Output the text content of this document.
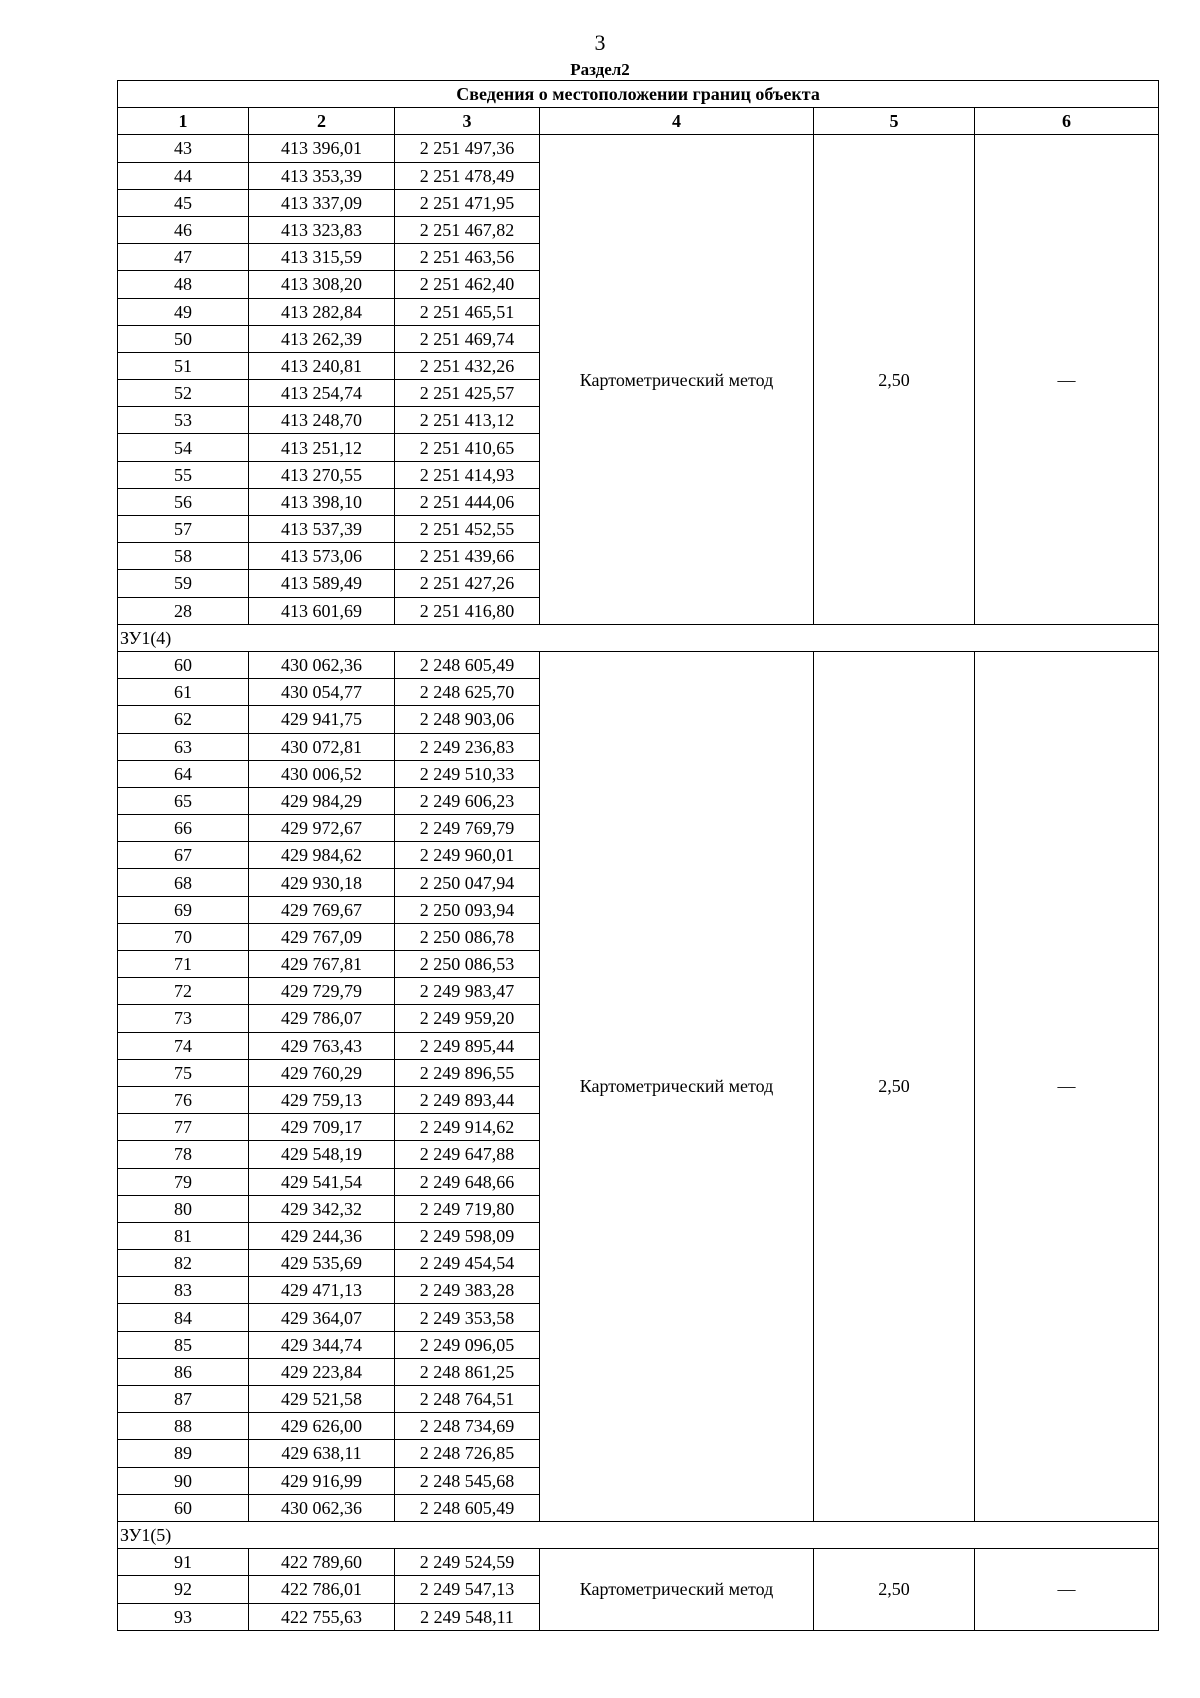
3
Раздел2
Сведения о местоположении границ объекта					
1	2	3	4	5	6
43	413 396,01	2 251 497,36	Картометрический метод	2,50	—
44	413 353,39	2 251 478,49			
45	413 337,09	2 251 471,95			
46	413 323,83	2 251 467,82			
47	413 315,59	2 251 463,56			
48	413 308,20	2 251 462,40			
49	413 282,84	2 251 465,51			
50	413 262,39	2 251 469,74			
51	413 240,81	2 251 432,26			
52	413 254,74	2 251 425,57			
53	413 248,70	2 251 413,12			
54	413 251,12	2 251 410,65			
55	413 270,55	2 251 414,93			
56	413 398,10	2 251 444,06			
57	413 537,39	2 251 452,55			
58	413 573,06	2 251 439,66			
59	413 589,49	2 251 427,26			
28	413 601,69	2 251 416,80			
ЗУ1(4)					
60	430 062,36	2 248 605,49	Картометрический метод	2,50	—
61	430 054,77	2 248 625,70			
62	429 941,75	2 248 903,06			
63	430 072,81	2 249 236,83			
64	430 006,52	2 249 510,33			
65	429 984,29	2 249 606,23			
66	429 972,67	2 249 769,79			
67	429 984,62	2 249 960,01			
68	429 930,18	2 250 047,94			
69	429 769,67	2 250 093,94			
70	429 767,09	2 250 086,78			
71	429 767,81	2 250 086,53			
72	429 729,79	2 249 983,47			
73	429 786,07	2 249 959,20			
74	429 763,43	2 249 895,44			
75	429 760,29	2 249 896,55			
76	429 759,13	2 249 893,44			
77	429 709,17	2 249 914,62			
78	429 548,19	2 249 647,88			
79	429 541,54	2 249 648,66			
80	429 342,32	2 249 719,80			
81	429 244,36	2 249 598,09			
82	429 535,69	2 249 454,54			
83	429 471,13	2 249 383,28			
84	429 364,07	2 249 353,58			
85	429 344,74	2 249 096,05			
86	429 223,84	2 248 861,25			
87	429 521,58	2 248 764,51			
88	429 626,00	2 248 734,69			
89	429 638,11	2 248 726,85			
90	429 916,99	2 248 545,68			
60	430 062,36	2 248 605,49			
ЗУ1(5)					
91	422 789,60	2 249 524,59	Картометрический метод	2,50	—
92	422 786,01	2 249 547,13			
93	422 755,63	2 249 548,11			
